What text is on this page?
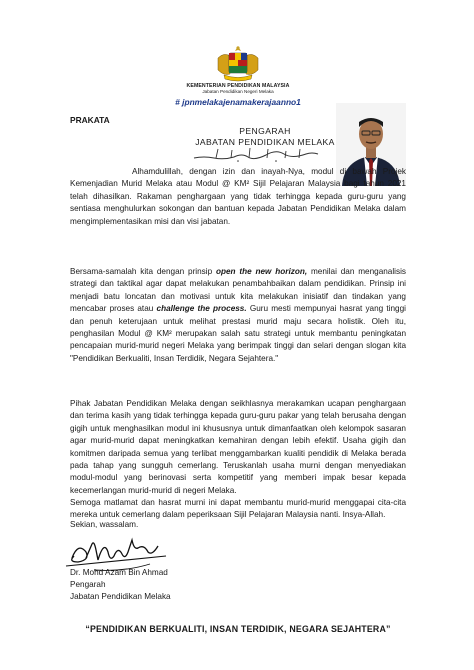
KEMENTERIAN PENDIDIKAN MALAYSIA
Jabatan Pendidikan Negeri Melaka
# jpnmelakajenamakerajaanno1
PRAKATA
PENGARAH
JABATAN PENDIDIKAN MELAKA

Alhamdulillah, dengan izin dan inayah-Nya, modul di bawah Projek Kemenjadian Murid Melaka atau Modul @ KM² Sijil Pelajaran Malaysia bagi tahun 2021 telah dihasilkan. Rakaman penghargaan yang tidak terhingga kepada guru-guru yang sentiasa menghulurkan sokongan dan bantuan kepada Jabatan Pendidikan Melaka dalam mengimplementasikan misi dan visi jabatan.

Bersama-samalah kita dengan prinsip open the new horizon, menilai dan menganalisis strategi dan taktikal agar dapat melakukan penambahbaikan dalam pendidikan. Prinsip ini menjadi batu loncatan dan motivasi untuk kita melakukan inisiatif dan tindakan yang mencabar proses atau challenge the process. Guru mesti mempunyai hasrat yang tinggi dan penuh keterujaan untuk melihat prestasi murid maju secara holistik. Oleh itu, penghasilan Modul @ KM² merupakan salah satu strategi untuk membantu peningkatan pencapaian murid-murid negeri Melaka yang berimpak tinggi dan selari dengan slogan kita "Pendidikan Berkualiti, Insan Terdidik, Negara Sejahtera."

Pihak Jabatan Pendidikan Melaka dengan seikhlasnya merakamkan ucapan penghargaan dan terima kasih yang tidak terhingga kepada guru-guru pakar yang telah berusaha dengan gigih untuk menghasilkan modul ini khususnya untuk dimanfaatkan oleh kelompok sasaran agar murid-murid dapat meningkatkan kemahiran dengan lebih efektif. Usaha gigih dan komitmen daripada semua yang terlibat menggambarkan kualiti pendidik di Melaka berada pada tahap yang sungguh cemerlang. Teruskanlah usaha murni dengan menyediakan modul-modul yang berinovasi serta kompetitif yang memberi impak besar kepada kecemerlangan murid-murid di negeri Melaka.

Semoga matlamat dan hasrat murni ini dapat membantu murid-murid menggapai cita-cita mereka untuk cemerlang dalam peperiksaan Sijil Pelajaran Malaysia nanti. Insya-Allah.

Sekian, wassalam.
Dr. Mohd Azam Bin Ahmad
Pengarah
Jabatan Pendidikan Melaka
“PENDIDIKAN BERKUALITI, INSAN TERDIDIK, NEGARA SEJAHTERA”
